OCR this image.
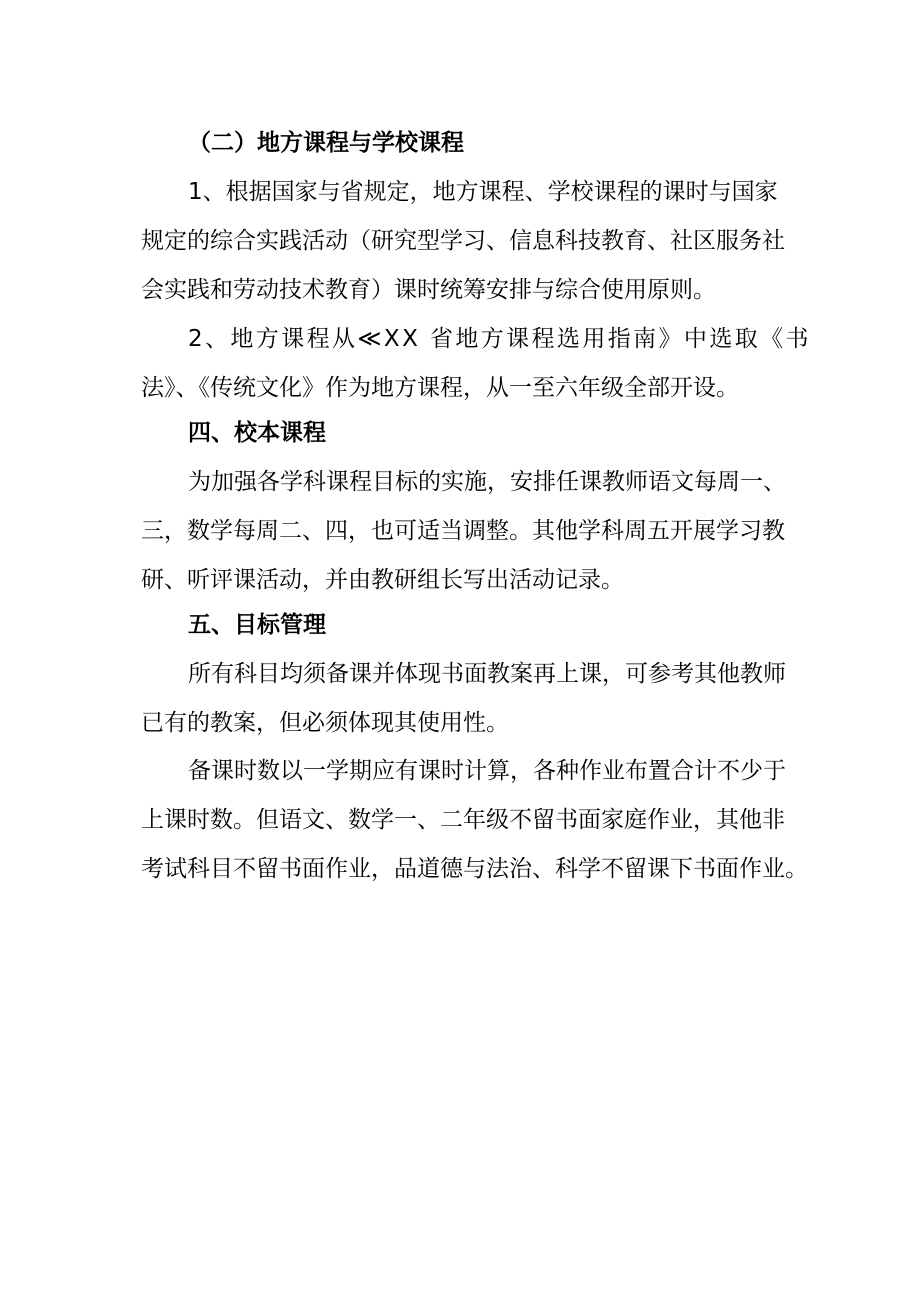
（二）地方课程与学校课程
1、根据国家与省规定，地方课程、学校课程的课时与国家
规定的综合实践活动（研究型学习、信息科技教育、社区服务社
会实践和劳动技术教育）课时统筹安排与综合使用原则。
2、地方课程从≪XX 省地方课程选用指南》中选取《书
法》、《传统文化》作为地方课程，从一至六年级全部开设。
四、校本课程
为加强各学科课程目标的实施，安排任课教师语文每周一、
三，数学每周二、四，也可适当调整。其他学科周五开展学习教
研、听评课活动，并由教研组长写出活动记录。
五、目标管理
所有科目均须备课并体现书面教案再上课，可参考其他教师
已有的教案，但必须体现其使用性。
备课时数以一学期应有课时计算，各种作业布置合计不少于
上课时数。但语文、数学一、二年级不留书面家庭作业，其他非
考试科目不留书面作业，品道德与法治、科学不留课下书面作业。
